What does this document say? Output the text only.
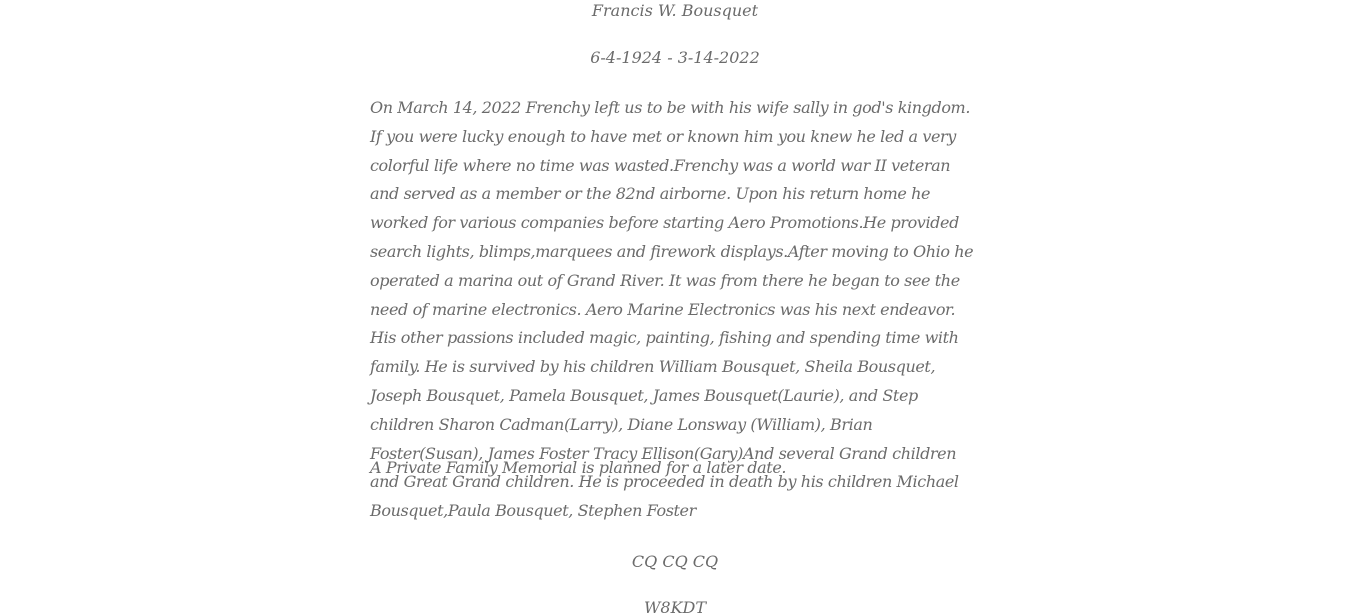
Francis W. Bousquet

6-4-1924 - 3-14-2022

On March 14, 2022 Frenchy left us to be with his wife sally in god's kingdom. If you were lucky enough to have met or known him you knew he led a very colorful life where no time was wasted.Frenchy was a world war II veteran and served as a member or the 82nd airborne. Upon his return home he worked for various companies before starting Aero Promotions.He provided search lights, blimps,marquees and firework displays.After moving to Ohio he operated a marina out of Grand River. It was from there he began to see the need of marine electronics. Aero Marine Electronics was his next endeavor. His other passions included magic, painting, fishing and spending time with family. He is survived by his children William Bousquet, Sheila Bousquet, Joseph Bousquet, Pamela Bousquet, James Bousquet(Laurie), and Step children Sharon Cadman(Larry), Diane Lonsway (William), Brian Foster(Susan), James Foster Tracy Ellison(Gary)And several Grand children and Great Grand children. He is proceeded in death by his children Michael Bousquet,Paula Bousquet, Stephen Foster

A Private Family Memorial is planned for a later date.

CQ CQ CQ

W8KDT
